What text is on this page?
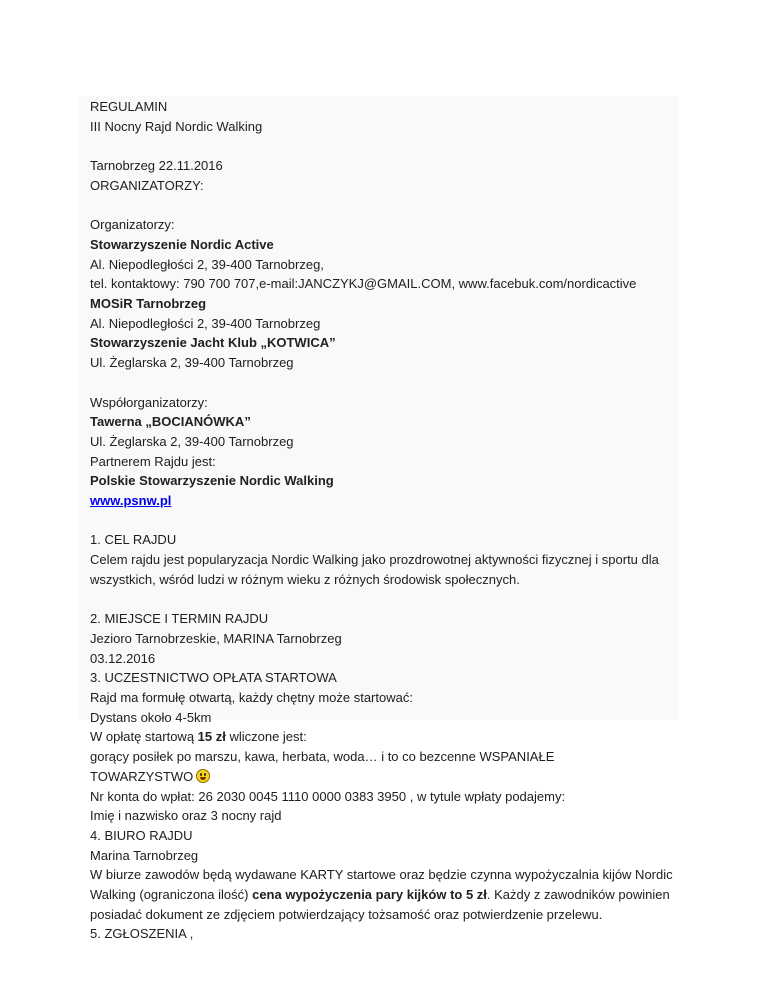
REGULAMIN
III Nocny Rajd Nordic Walking
Tarnobrzeg 22.11.2016
ORGANIZATORZY:
Organizatorzy:
Stowarzyszenie Nordic Active
Al. Niepodległości 2, 39-400 Tarnobrzeg,
tel. kontaktowy: 790 700 707,e-mail:JANCZYKJ@GMAIL.COM, www.facebuk.com/nordicactive
MOSiR Tarnobrzeg
Al. Niepodległości 2, 39-400 Tarnobrzeg
Stowarzyszenie Jacht Klub „KOTWICA”
Ul. Żeglarska 2, 39-400 Tarnobrzeg
Współorganizatorzy:
Tawerna „BOCIANÓWKA”
Ul. Żeglarska 2, 39-400 Tarnobrzeg
Partnerem Rajdu jest:
Polskie Stowarzyszenie Nordic Walking
www.psnw.pl
1. CEL RAJDU
Celem rajdu jest popularyzacja Nordic Walking jako prozdrowotnej aktywności fizycznej i sportu dla
wszystkich, wśród ludzi w różnym wieku z różnych środowisk społecznych.
2. MIEJSCE I TERMIN RAJDU
Jezioro Tarnobrzeskie, MARINA Tarnobrzeg
03.12.2016
3. UCZESTNICTWO OPŁATA STARTOWA
Rajd ma formułę otwartą, każdy chętny może startować:
Dystans około 4-5km
W opłatę startową 15 zł wliczone jest:
gorący posiłek po marszu, kawa, herbata, woda… i to co bezcenne WSPANIAŁE
TOWARZYSTWO
Nr konta do wpłat: 26 2030 0045 1110 0000 0383 3950 , w tytule wpłaty podajemy:
Imię i nazwisko oraz 3 nocny rajd
4. BIURO RAJDU
Marina Tarnobrzeg
W biurze zawodów będą wydawane KARTY startowe oraz będzie czynna wypożyczalnia kijów Nordic
Walking (ograniczona ilość) cena wypożyczenia pary kijków to 5 zł. Każdy z zawodników powinien
posiadać dokument ze zdjęciem potwierdzający tożsamość oraz potwierdzenie przelewu.
5. ZGŁOSZENIA ,
